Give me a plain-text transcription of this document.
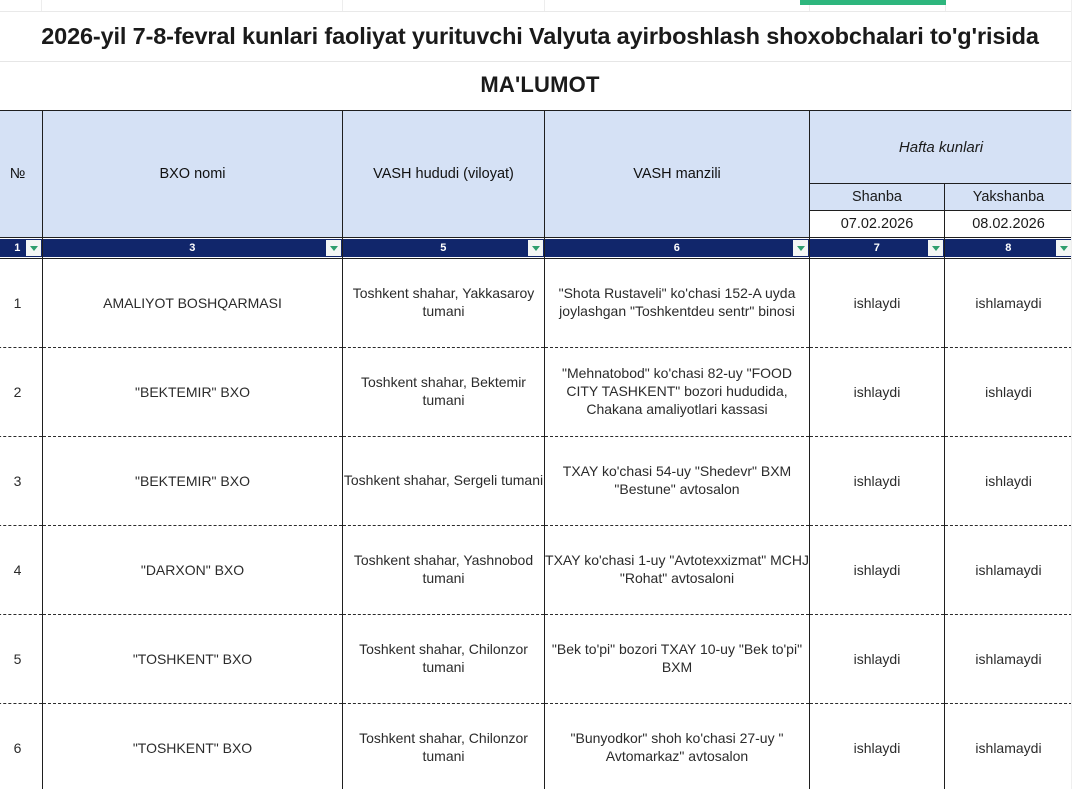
2026-yil 7-8-fevral kunlari faoliyat yurituvchi Valyuta ayirboshlash shoxobchalari to'g'risida
MA'LUMOT
№	BXO nomi	VASH hududi (viloyat)	VASH manzili	Hafta kunlari	
				Shanba	Yakshanba
				07.02.2026	08.02.2026

1	3	5	6	7	8

1	AMALIYOT BOSHQARMASI	Toshkent shahar, Yakkasaroy tumani	"Shota Rustaveli" ko'chasi 152-A uyda joylashgan "Toshkentdeu sentr" binosi	ishlaydi	ishlamaydi
2	"BEKTEMIR" BXO	Toshkent shahar, Bektemir tumani	"Mehnatobod" ko'chasi 82-uy "FOOD CITY TASHKENT" bozori hududida, Chakana amaliyotlari kassasi	ishlaydi	ishlaydi
3	"BEKTEMIR" BXO	Toshkent shahar, Sergeli tumani	TXAY ko'chasi 54-uy "Shedevr" BXM "Bestune" avtosalon	ishlaydi	ishlaydi
4	"DARXON" BXO	Toshkent shahar, Yashnobod tumani	TXAY ko'chasi 1-uy "Avtotexxizmat" MCHJ "Rohat" avtosaloni	ishlaydi	ishlamaydi
5	"TOSHKENT" BXO	Toshkent shahar, Chilonzor tumani	"Bek to'pi" bozori TXAY 10-uy "Bek to'pi" BXM	ishlaydi	ishlamaydi
6	"TOSHKENT" BXO	Toshkent shahar, Chilonzor tumani	"Bunyodkor" shoh ko'chasi 27-uy " Avtomarkaz" avtosalon	ishlaydi	ishlamaydi
